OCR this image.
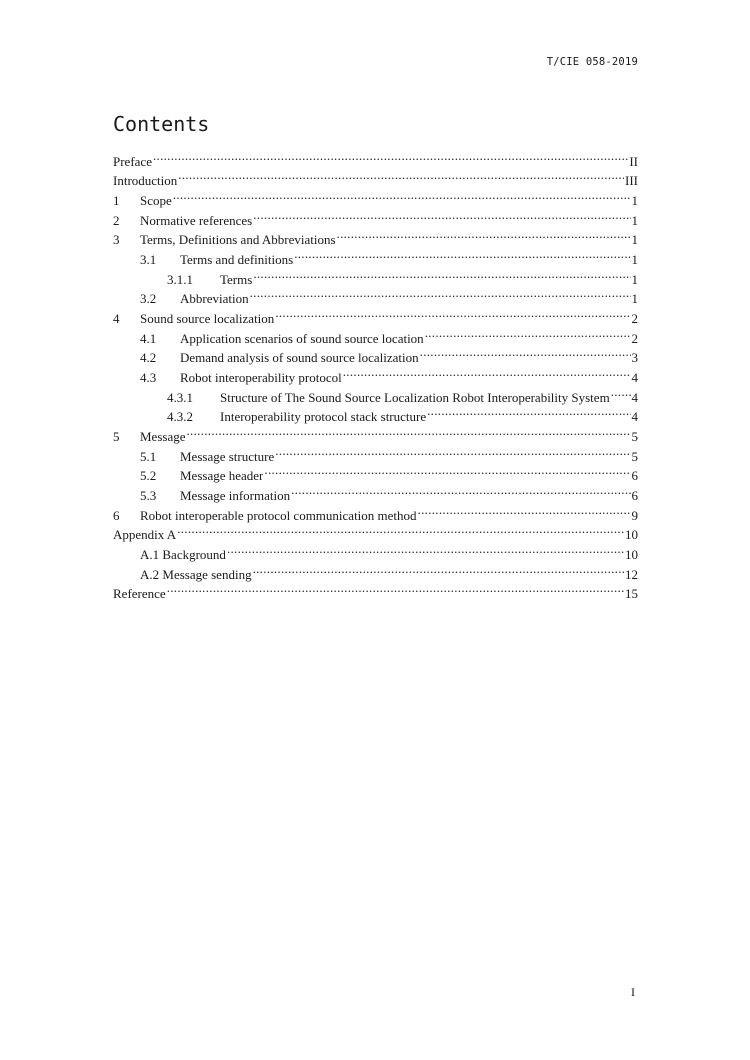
T/CIE 058-2019
Contents
Preface .....	II
Introduction .....	III
1	Scope .....	1
2	Normative references .....	1
3	Terms, Definitions and Abbreviations .....	1
3.1	Terms and definitions .....	1
3.1.1	Terms .....	1
3.2	Abbreviation .....	1
4	Sound source localization .....	2
4.1	Application scenarios of sound source location .....	2
4.2	Demand analysis of sound source localization .....	3
4.3	Robot interoperability protocol .....	4
4.3.1	Structure of The Sound Source Localization Robot Interoperability System ..... 4
4.3.2	Interoperability protocol stack structure .....	4
5	Message .....	5
5.1	Message structure .....	5
5.2	Message header .....	6
5.3	Message information .....	6
6	Robot interoperable protocol communication method .....	9
Appendix A .....	10
A.1 Background .....	10
A.2 Message sending .....	12
Reference .....	15
I
